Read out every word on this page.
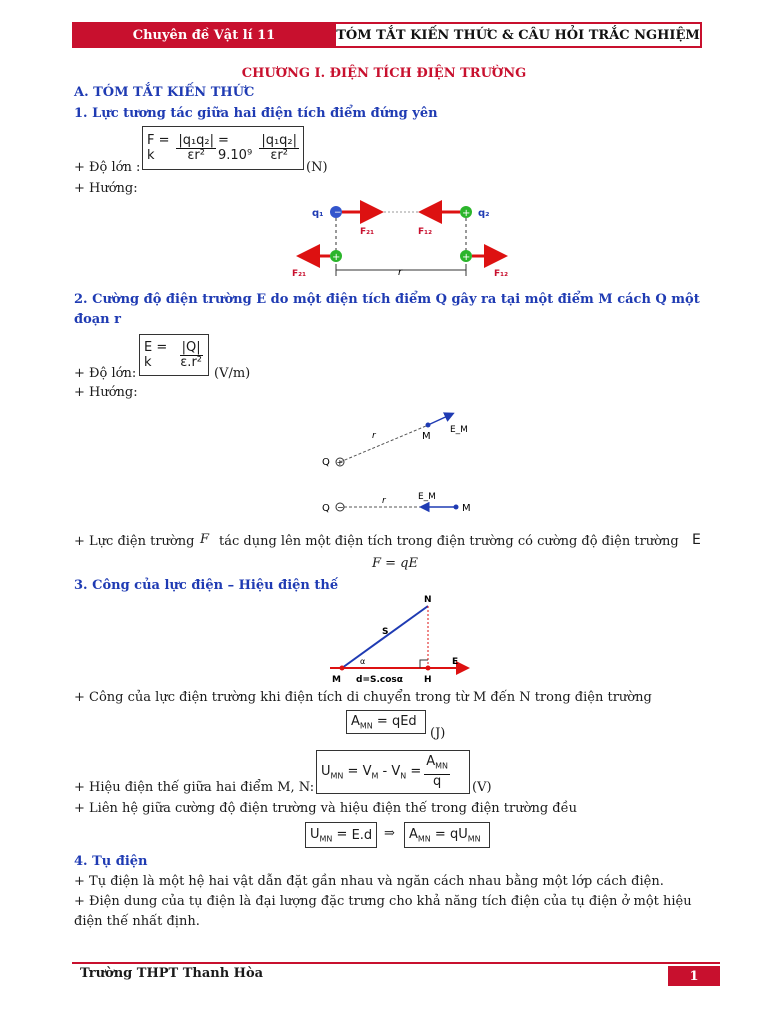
Chuyên đề Vật lí 11	TÓM TẮT KIẾN THỨC & CÂU HỎI TRẮC NGHIỆM
CHƯƠNG I. ĐIỆN TÍCH ĐIỆN TRƯỜNG
A. TÓM TẮT KIẾN THỨC
1. Lực tương tác giữa hai điện tích điểm đứng yên
F = k	$\frac{\text{|q₁q₂|}}{\text{εr²}} = 9.10^9 \frac{\text{|q₁q₂|}}{\text{εr²}}$
+ Độ lớn :	(N)
+ Hướng:
−	+
+	+
q₁	q₂
F₂₁	F₁₂
F₂₁	F₁₂
r
2. Cường độ điện trường E do một điện tích điểm Q gây ra tại một điểm M cách Q một
đoạn r
E = k	$\frac{|Q|}{\text{ε.r²}}$
+ Độ lớn:	(V/m)
+ Hướng:
+
Q
M
r
E_M
−
Q	M
r	E_M
+ Lực điện trường F tác dụng lên một điện tích trong điện trường có cường độ điện trường E
F = qE
3. Công của lực điện – Hiệu điện thế
N
S
α	E
M d=S.cosα H
+ Công của lực điện trường khi điện tích di chuyển trong từ M đến N trong điện trường
$A_{MN}$ = qEd
(J)
$U_{MN} = V_M - V_N = \frac{A_{MN}}{q}$
+ Hiệu điện thế giữa hai điểm M, N:	(V)
+ Liên hệ giữa cường độ điện trường và hiệu điện thế trong điện trường đều
$U_{MN} = E.d$ ⇒ $A_{MN} = qU_{MN}$
4. Tụ điện
+ Tụ điện là một hệ hai vật dẫn đặt gần nhau và ngăn cách nhau bằng một lớp cách điện.
+ Điện dung của tụ điện là đại lượng đặc trưng cho khả năng tích điện của tụ điện ở một hiệu
điện thế nhất định.
Trường THPT Thanh Hòa	1
